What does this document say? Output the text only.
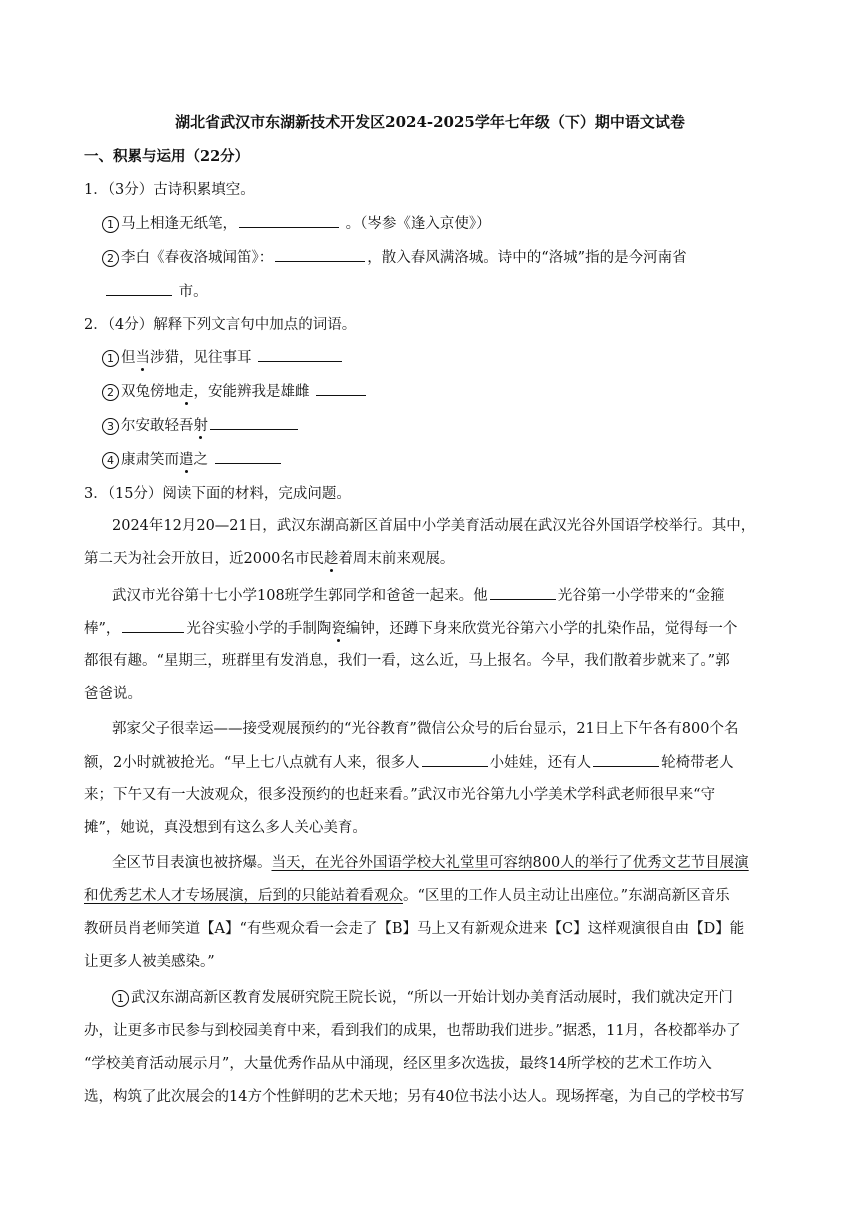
湖北省武汉市东湖新技术开发区2024-2025学年七年级（下）期中语文试卷
一、积累与运用（22分）
1．（3分）古诗积累填空。
1 马上相逢无纸笔，	。（岑参《逢入京使》）
2 李白《春夜洛城闻笛》：	，散入春风满洛城。诗中的“洛城”指的是今河南省
市。
2．（4分）解释下列文言句中加点的词语。
1 但当涉猎，见往事耳
2 双兔傍地走，安能辨我是雄雌
3 尔安敢轻吾射
4 康肃笑而遣之
3．（15分）阅读下面的材料，完成问题。
2024年12月20—21日，武汉东湖高新区首届中小学美育活动展在武汉光谷外国语学校举行。其中，
第二天为社会开放日，近2000名市民趁着周末前来观展。
武汉市光谷第十七小学108班学生郭同学和爸爸一起来。他	光谷第一小学带来的“金箍
棒”，	光谷实验小学的手制陶瓷编钟，还蹲下身来欣赏光谷第六小学的扎染作品，觉得每一个
都很有趣。“星期三，班群里有发消息，我们一看，这么近，马上报名。今早，我们散着步就来了。”郭
爸爸说。
郭家父子很幸运——接受观展预约的“光谷教育”微信公众号的后台显示，21日上下午各有800个名
额，2小时就被抢光。“早上七八点就有人来，很多人	小娃娃，还有人	轮椅带老人
来；下午又有一大波观众，很多没预约的也赶来看。”武汉市光谷第九小学美术学科武老师很早来“守
摊”，她说，真没想到有这么多人关心美育。
全区节目表演也被挤爆。当天，在光谷外国语学校大礼堂里可容纳800人的举行了优秀文艺节目展演
和优秀艺术人才专场展演，后到的只能站着看观众。“区里的工作人员主动让出座位。”东湖高新区音乐
教研员肖老师笑道【A】“有些观众看一会走了【B】马上又有新观众进来【C】这样观演很自由【D】能
让更多人被美感染。”
1 武汉东湖高新区教育发展研究院王院长说，“所以一开始计划办美育活动展时，我们就决定开门
办，让更多市民参与到校园美育中来，看到我们的成果，也帮助我们进步。”据悉，11月，各校都举办了
“学校美育活动展示月”，大量优秀作品从中涌现，经区里多次选拔，最终14所学校的艺术工作坊入
选，构筑了此次展会的14方个性鲜明的艺术天地；另有40位书法小达人。现场挥毫，为自己的学校书写
